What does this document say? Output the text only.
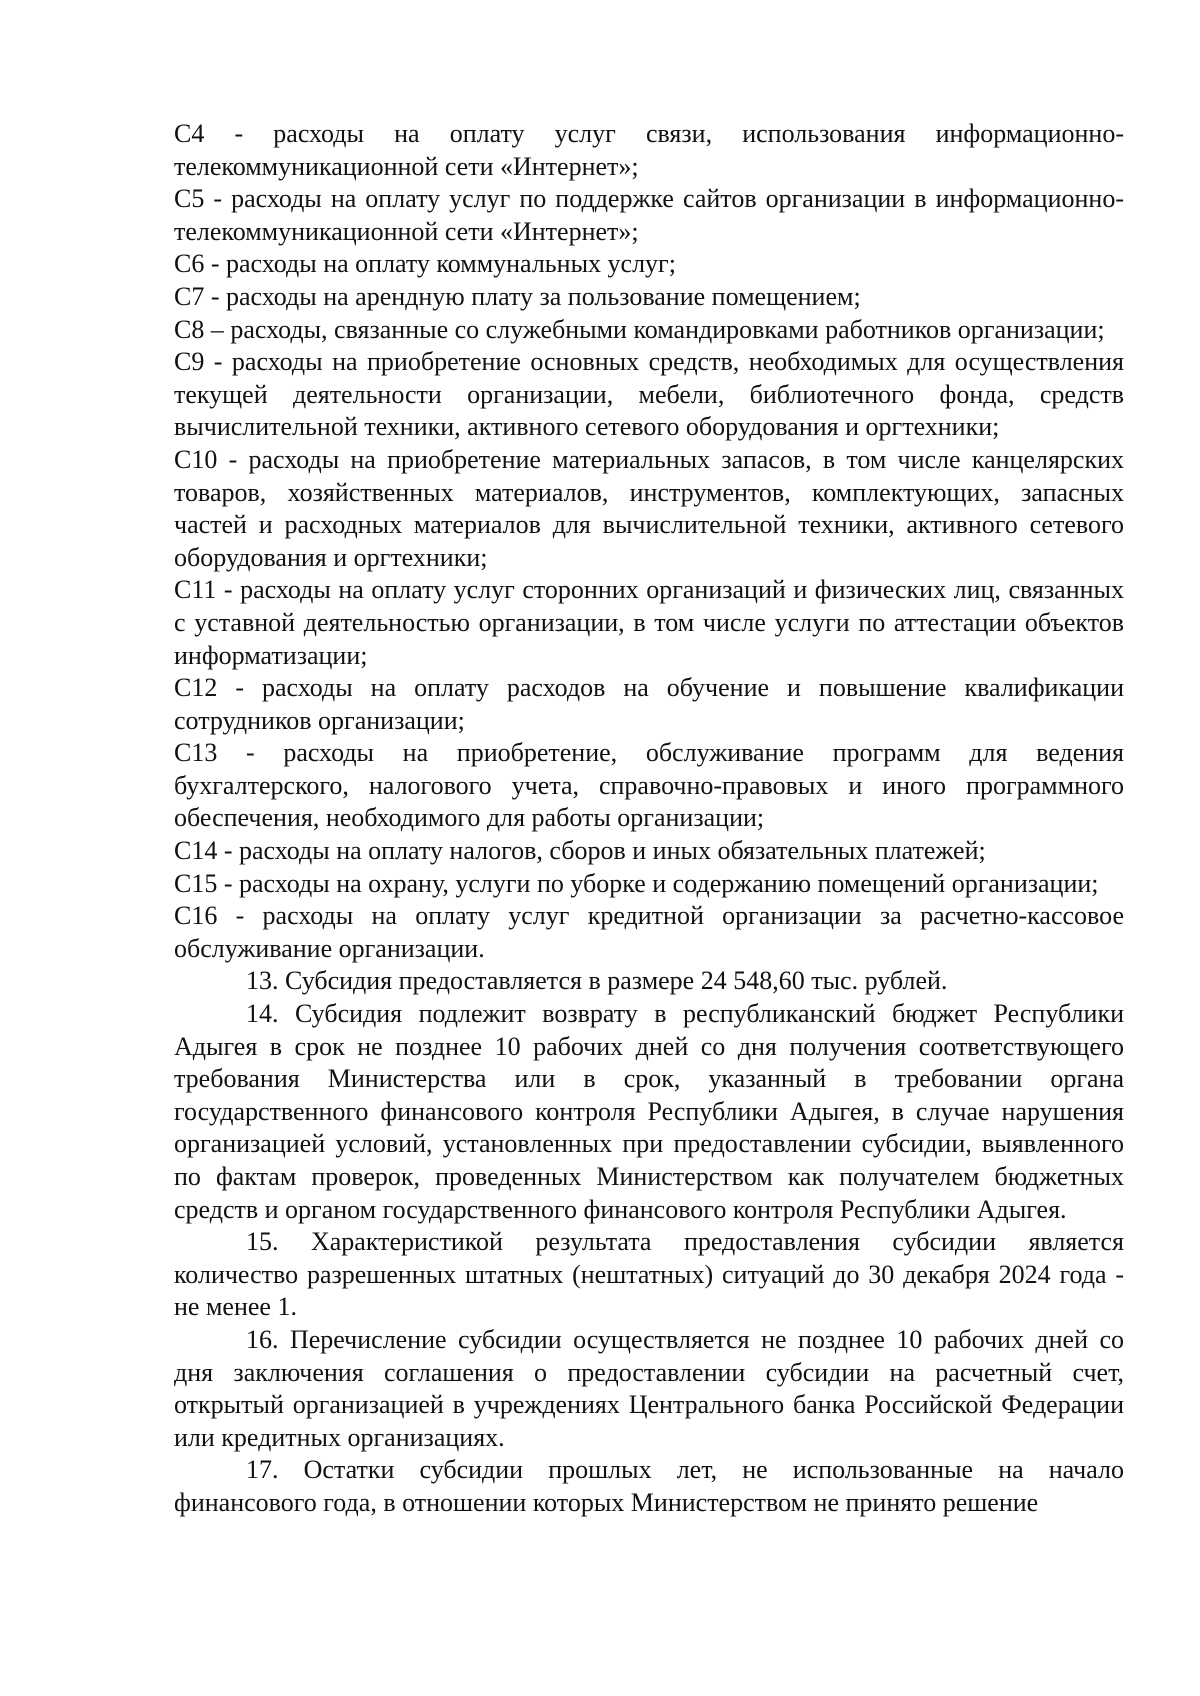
С4 - расходы на оплату услуг связи, использования информационно-телекоммуникационной сети «Интернет»;

С5 - расходы на оплату услуг по поддержке сайтов организации в информационно-телекоммуникационной сети «Интернет»;

С6 - расходы на оплату коммунальных услуг;

С7 - расходы на арендную плату за пользование помещением;

С8 – расходы, связанные со служебными командировками работников организации;

С9 - расходы на приобретение основных средств, необходимых для осуществления текущей деятельности организации, мебели, библиотечного фонда, средств вычислительной техники, активного сетевого оборудования и оргтехники;

С10 - расходы на приобретение материальных запасов, в том числе канцелярских товаров, хозяйственных материалов, инструментов, комплектующих, запасных частей и расходных материалов для вычислительной техники, активного сетевого оборудования и оргтехники;

С11 - расходы на оплату услуг сторонних организаций и физических лиц, связанных с уставной деятельностью организации, в том числе услуги по аттестации объектов информатизации;

С12 - расходы на оплату расходов на обучение и повышение квалификации сотрудников организации;

С13 - расходы на приобретение, обслуживание программ для ведения бухгалтерского, налогового учета, справочно-правовых и иного программного обеспечения, необходимого для работы организации;

С14 - расходы на оплату налогов, сборов и иных обязательных платежей;

С15 - расходы на охрану, услуги по уборке и содержанию помещений организации;

С16 - расходы на оплату услуг кредитной организации за расчетно-кассовое обслуживание организации.

13. Субсидия предоставляется в размере 24 548,60 тыс. рублей.

14. Субсидия подлежит возврату в республиканский бюджет Республики Адыгея в срок не позднее 10 рабочих дней со дня получения соответствующего требования Министерства или в срок, указанный в требовании органа государственного финансового контроля Республики Адыгея, в случае нарушения организацией условий, установленных при предоставлении субсидии, выявленного по фактам проверок, проведенных Министерством как получателем бюджетных средств и органом государственного финансового контроля Республики Адыгея.

15. Характеристикой результата предоставления субсидии является количество разрешенных штатных (нештатных) ситуаций до 30 декабря 2024 года - не менее 1.

16. Перечисление субсидии осуществляется не позднее 10 рабочих дней со дня заключения соглашения о предоставлении субсидии на расчетный счет, открытый организацией в учреждениях Центрального банка Российской Федерации или кредитных организациях.

17. Остатки субсидии прошлых лет, не использованные на начало финансового года, в отношении которых Министерством не принято решение
